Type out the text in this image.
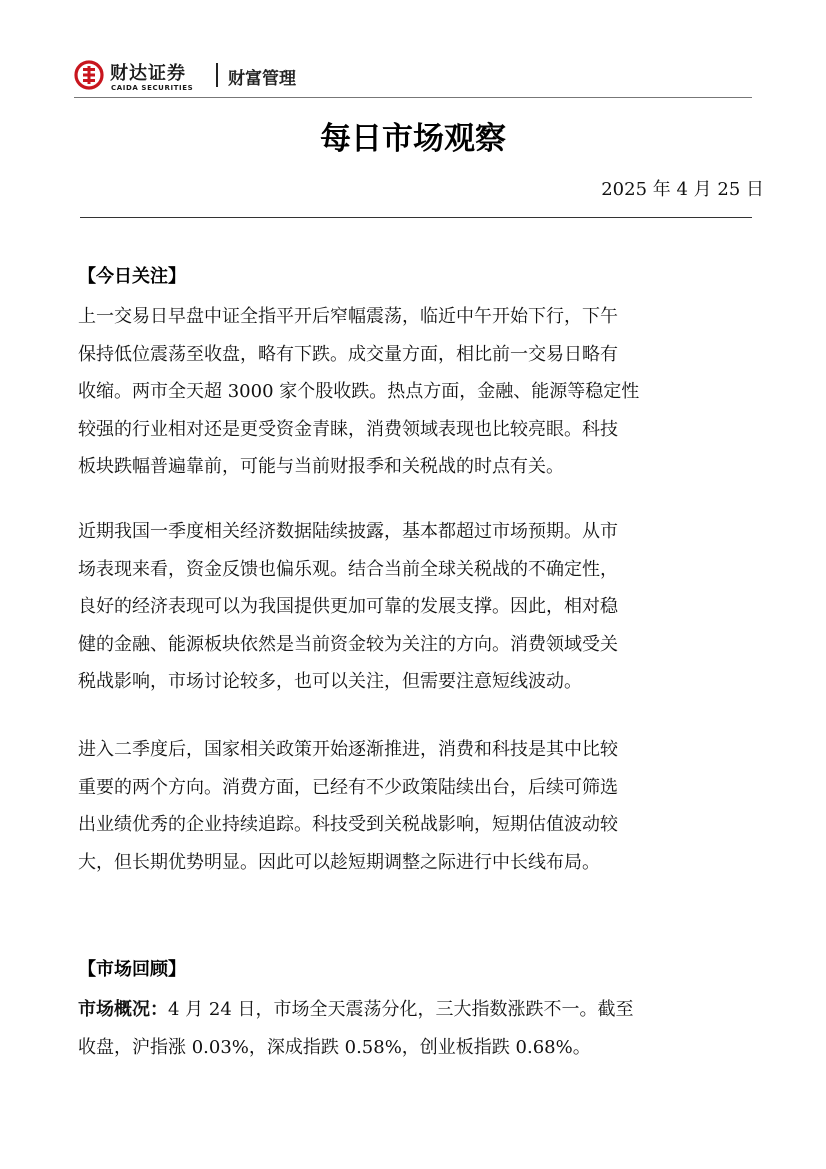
财达证券
CAIDA SECURITIES 财富管理
每日市场观察
2025 年 4 月 25 日
【今日关注】
上一交易日早盘中证全指平开后窄幅震荡，临近中午开始下行，下午
保持低位震荡至收盘，略有下跌。成交量方面，相比前一交易日略有
收缩。两市全天超 3000 家个股收跌。热点方面，金融、能源等稳定性
较强的行业相对还是更受资金青睐，消费领域表现也比较亮眼。科技
板块跌幅普遍靠前，可能与当前财报季和关税战的时点有关。
近期我国一季度相关经济数据陆续披露，基本都超过市场预期。从市
场表现来看，资金反馈也偏乐观。结合当前全球关税战的不确定性，
良好的经济表现可以为我国提供更加可靠的发展支撑。因此，相对稳
健的金融、能源板块依然是当前资金较为关注的方向。消费领域受关
税战影响，市场讨论较多，也可以关注，但需要注意短线波动。
进入二季度后，国家相关政策开始逐渐推进，消费和科技是其中比较
重要的两个方向。消费方面，已经有不少政策陆续出台，后续可筛选
出业绩优秀的企业持续追踪。科技受到关税战影响，短期估值波动较
大，但长期优势明显。因此可以趁短期调整之际进行中长线布局。
【市场回顾】
市场概况：4 月 24 日，市场全天震荡分化，三大指数涨跌不一。截至
收盘，沪指涨 0.03%，深成指跌 0.58%，创业板指跌 0.68%。
